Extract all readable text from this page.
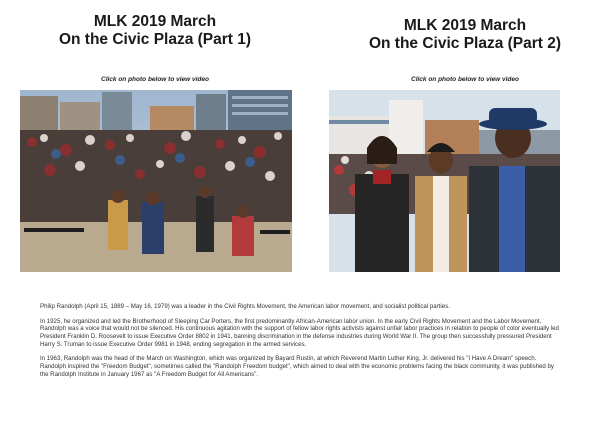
MLK 2019 March
On the Civic Plaza (Part 1)
Click on photo below to view video
MLK 2019 March
On the Civic Plaza (Part 2)
Click on photo below to view video

Philip Randolph (April 15, 1889 – May 16, 1979) was a leader in the Civil Rights Movement, the American labor movement, and socialist political parties.

In 1925, he organized and led the Brotherhood of Sleeping Car Porters, the first predominantly African-American labor union. In the early Civil Rights Movement and the Labor Movement, Randolph was a voice that would not be silenced. His continuous agitation with the support of fellow labor rights activists against unfair labor practices in relation to people of color eventually led President Franklin D. Roosevelt to issue Executive Order 8802 in 1941, banning discrimination in the defense industries during World War II. The group then successfully pressured President Harry S. Truman to issue Executive Order 9981 in 1948, ending segregation in the armed services.

In 1963, Randolph was the head of the March on Washington, which was organized by Bayard Rustin, at which Reverend Martin Luther King, Jr. delivered his "I Have A Dream" speech. Randolph inspired the "Freedom Budget", sometimes called the "Randolph Freedom budget", which aimed to deal with the economic problems facing the black community, it was published by the Randolph Institute in January 1967 as "A Freedom Budget for All Americans".
